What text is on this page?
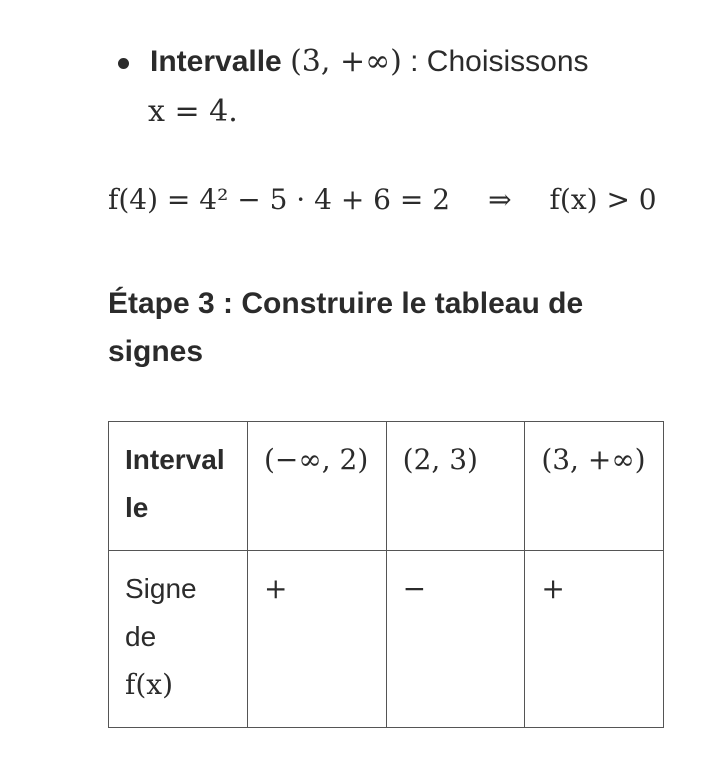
Intervalle (3, +∞) : Choisissons
x = 4.
f(4) = 4² − 5 · 4 + 6 = 2 ⇒ f(x) > 0
Étape 3 : Construire le tableau de signes
Intervalle	(−∞, 2)	(2, 3)	(3, +∞)
Signe de
f(x)	+	−	+
